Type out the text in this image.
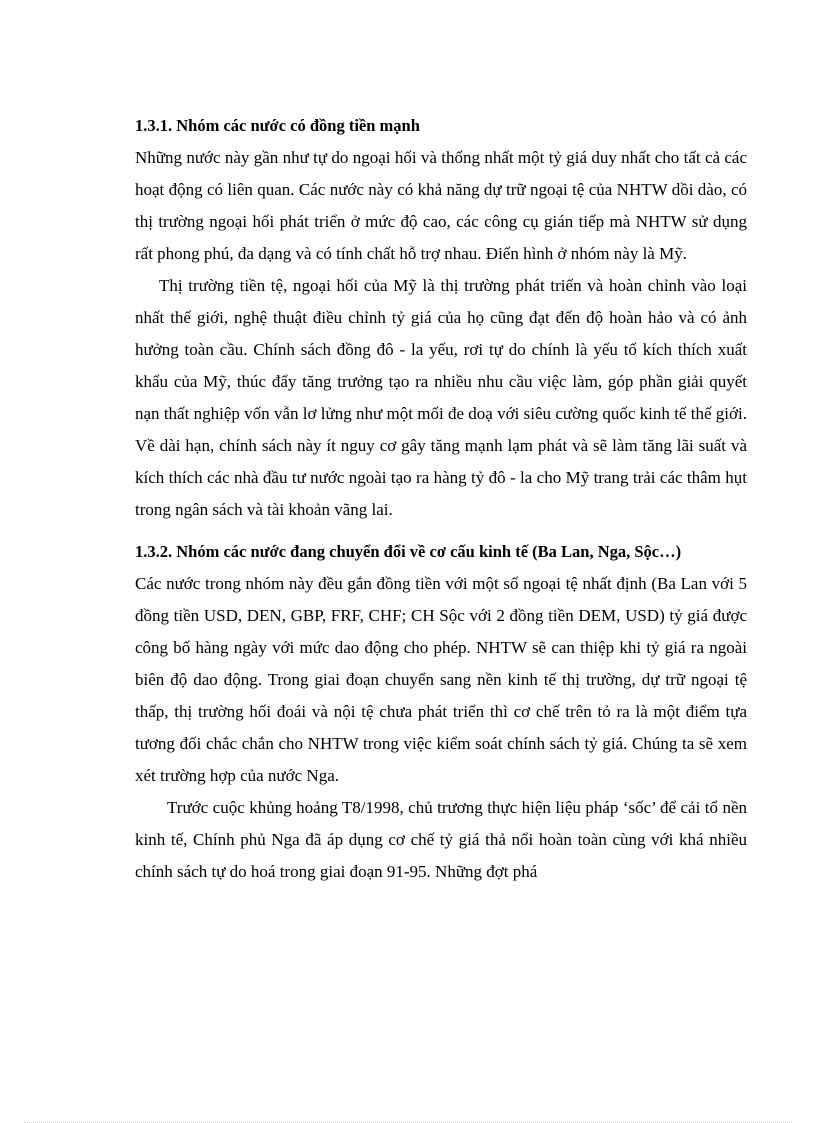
1.3.1. Nhóm các nước có đồng tiền mạnh

Những nước này gần như tự do ngoại hối và thống nhất một tỷ giá duy nhất cho tất cả các hoạt động có liên quan. Các nước này có khả năng dự trữ ngoại tệ của NHTW dồi dào, có thị trường ngoại hối phát triển ở mức độ cao, các công cụ gián tiếp mà NHTW sử dụng rất phong phú, đa dạng và có tính chất hỗ trợ nhau. Điển hình ở nhóm này là Mỹ.

Thị trường tiền tệ, ngoại hối của Mỹ là thị trường phát triển và hoàn chỉnh vào loại nhất thế giới, nghệ thuật điều chỉnh tỷ giá của họ cũng đạt đến độ hoàn hảo và có ảnh hưởng toàn cầu. Chính sách đồng đô - la yếu, rơi tự do chính là yếu tố kích thích xuất khẩu của Mỹ, thúc đẩy tăng trưởng tạo ra nhiều nhu cầu việc làm, góp phần giải quyết nạn thất nghiệp vốn vẫn lơ lửng như một mối đe doạ với siêu cường quốc kinh tế thế giới. Về dài hạn, chính sách này ít nguy cơ gây tăng mạnh lạm phát và sẽ làm tăng lãi suất và kích thích các nhà đầu tư nước ngoài tạo ra hàng tỷ đô - la cho Mỹ trang trải các thâm hụt trong ngân sách và tài khoản vãng lai.

1.3.2. Nhóm các nước đang chuyển đổi về cơ cấu kinh tế (Ba Lan, Nga, Sộc…)

Các nước trong nhóm này đều gắn đồng tiền với một số ngoại tệ nhất định (Ba Lan với 5 đồng tiền USD, DEN, GBP, FRF, CHF; CH Sộc với 2 đồng tiền DEM, USD) tỷ giá được công bố hàng ngày với mức dao động cho phép. NHTW sẽ can thiệp khi tỷ giá ra ngoài biên độ dao động. Trong giai đoạn chuyển sang nền kinh tế thị trường, dự trữ ngoại tệ thấp, thị trường hối đoái và nội tệ chưa phát triển thì cơ chế trên tỏ ra là một điểm tựa tương đối chắc chắn cho NHTW trong việc kiểm soát chính sách tỷ giá. Chúng ta sẽ xem xét trường hợp của nước Nga.

Trước cuộc khủng hoảng T8/1998, chủ trương thực hiện liệu pháp ‘sốc’ để cải tổ nền kinh tế, Chính phủ Nga đã áp dụng cơ chế tỷ giá thả nổi hoàn toàn cùng với khá nhiều chính sách tự do hoá trong giai đoạn 91-95. Những đợt phá
